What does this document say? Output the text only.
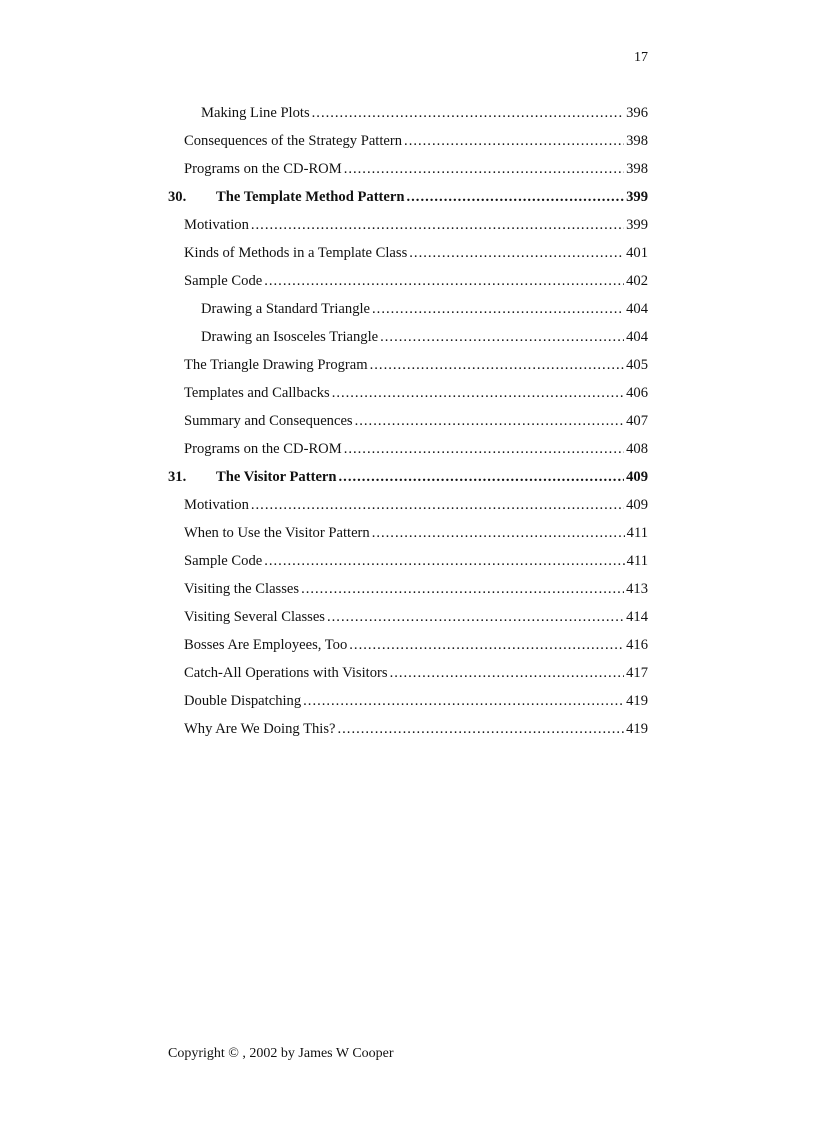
17
Making Line Plots .....	396
Consequences of the Strategy Pattern .....	398
Programs on the CD-ROM .....	398
30.	The Template Method Pattern .....	399
Motivation .....	399
Kinds of Methods in a Template Class .....	401
Sample Code .....	402
Drawing a Standard Triangle .....	404
Drawing an Isosceles Triangle .....	404
The Triangle Drawing Program .....	405
Templates and Callbacks .....	406
Summary and Consequences .....	407
Programs on the CD-ROM .....	408
31.	The Visitor Pattern .....	409
Motivation .....	409
When to Use the Visitor Pattern .....	411
Sample Code .....	411
Visiting the Classes .....	413
Visiting Several Classes .....	414
Bosses Are Employees, Too .....	416
Catch-All Operations with Visitors .....	417
Double Dispatching .....	419
Why Are We Doing This? .....	419
Copyright © , 2002 by James W Cooper
